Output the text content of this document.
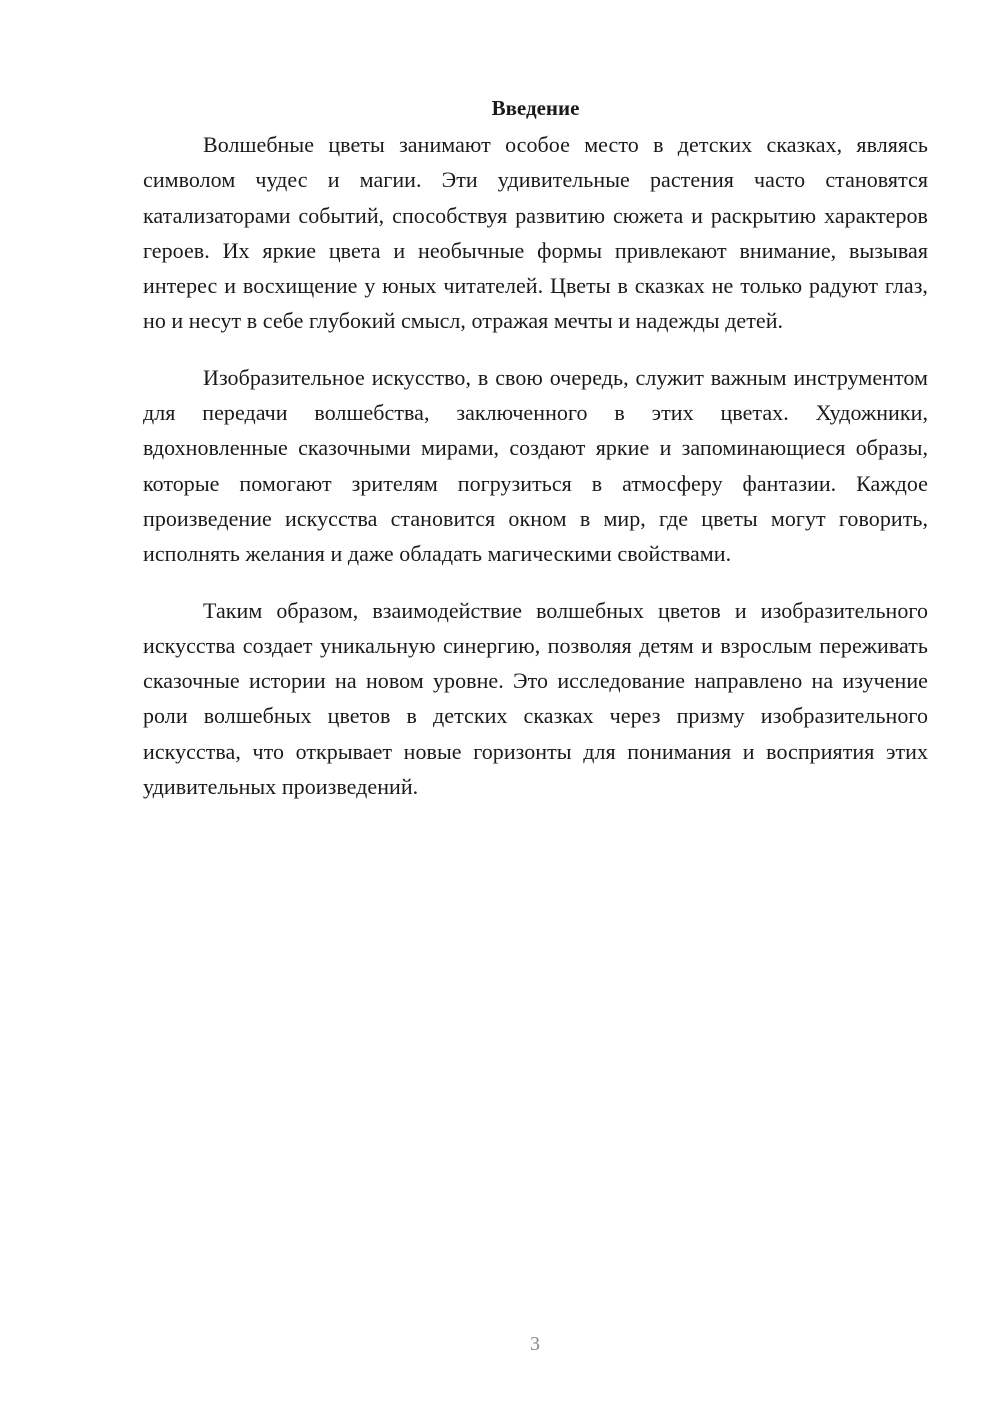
Введение

Волшебные цветы занимают особое место в детских сказках, являясь символом чудес и магии. Эти удивительные растения часто становятся катализаторами событий, способствуя развитию сюжета и раскрытию характеров героев. Их яркие цвета и необычные формы привлекают внимание, вызывая интерес и восхищение у юных читателей. Цветы в сказках не только радуют глаз, но и несут в себе глубокий смысл, отражая мечты и надежды детей.

Изобразительное искусство, в свою очередь, служит важным инструментом для передачи волшебства, заключенного в этих цветах. Художники, вдохновленные сказочными мирами, создают яркие и запоминающиеся образы, которые помогают зрителям погрузиться в атмосферу фантазии. Каждое произведение искусства становится окном в мир, где цветы могут говорить, исполнять желания и даже обладать магическими свойствами.

Таким образом, взаимодействие волшебных цветов и изобразительного искусства создает уникальную синергию, позволяя детям и взрослым переживать сказочные истории на новом уровне. Это исследование направлено на изучение роли волшебных цветов в детских сказках через призму изобразительного искусства, что открывает новые горизонты для понимания и восприятия этих удивительных произведений.

3
